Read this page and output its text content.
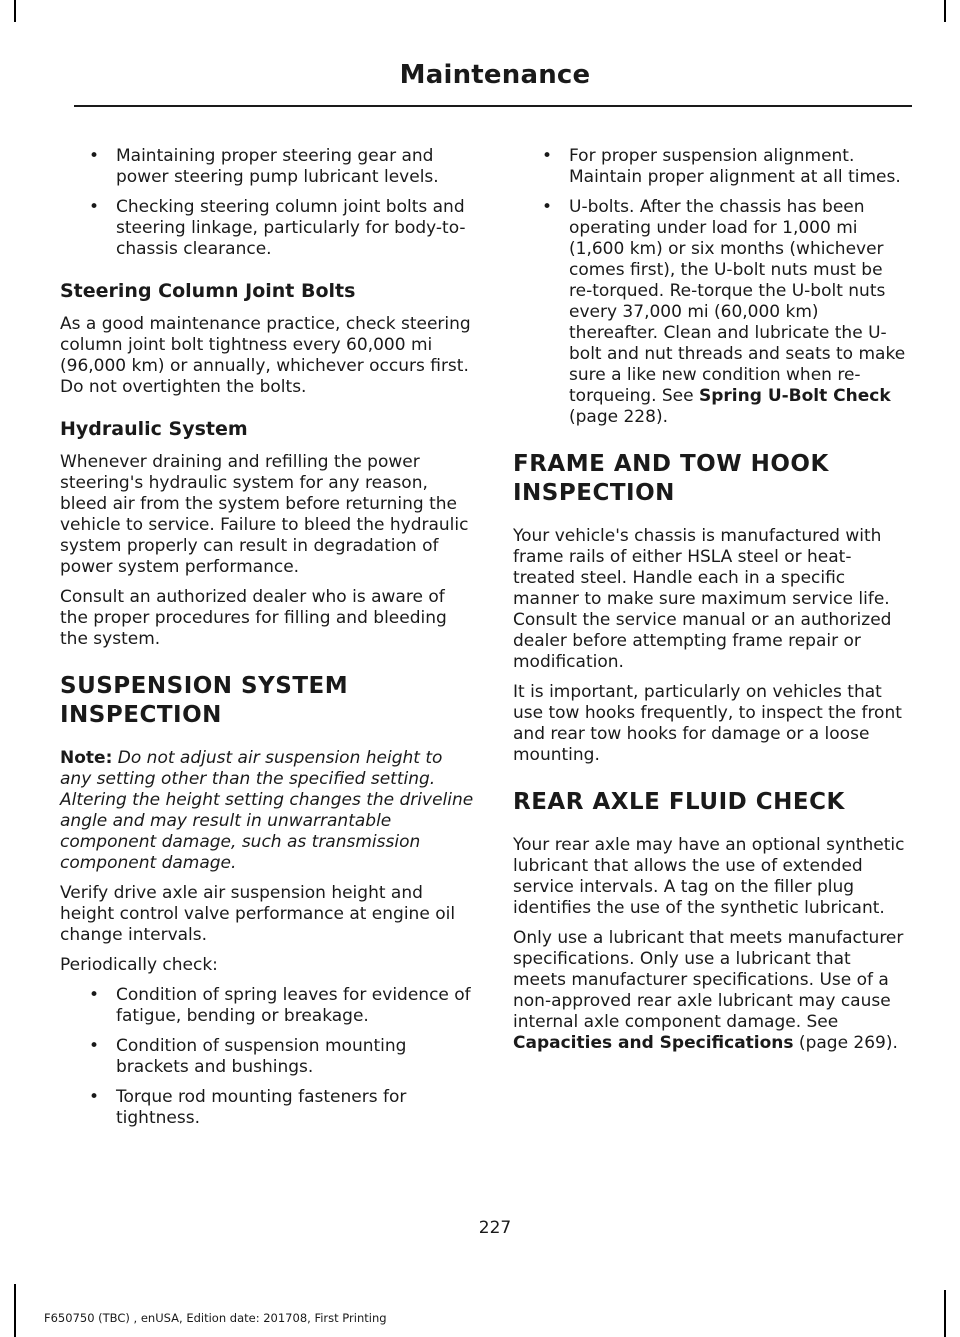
Maintenance
• Maintaining proper steering gear and power steering pump lubricant levels.
• Checking steering column joint bolts and steering linkage, particularly for body-to-chassis clearance.
Steering Column Joint Bolts

As a good maintenance practice, check steering column joint bolt tightness every 60,000 mi (96,000 km) or annually, whichever occurs first. Do not overtighten the bolts.

Hydraulic System

Whenever draining and refilling the power steering's hydraulic system for any reason, bleed air from the system before returning the vehicle to service. Failure to bleed the hydraulic system properly can result in degradation of power system performance.

Consult an authorized dealer who is aware of the proper procedures for filling and bleeding the system.

SUSPENSION SYSTEM
INSPECTION

Note: Do not adjust air suspension height to any setting other than the specified setting. Altering the height setting changes the driveline angle and may result in unwarrantable component damage, such as transmission component damage.

Verify drive axle air suspension height and height control valve performance at engine oil change intervals.

Periodically check:

• Condition of spring leaves for evidence of fatigue, bending or breakage.
• Condition of suspension mounting brackets and bushings.
• Torque rod mounting fasteners for tightness.
• For proper suspension alignment. Maintain proper alignment at all times.
• U-bolts. After the chassis has been operating under load for 1,000 mi (1,600 km) or six months (whichever comes first), the U-bolt nuts must be re-torqued. Re-torque the U-bolt nuts every 37,000 mi (60,000 km) thereafter. Clean and lubricate the U-bolt and nut threads and seats to make sure a like new condition when re-torqueing. See Spring U-Bolt Check (page 228).
FRAME AND TOW HOOK
INSPECTION

Your vehicle's chassis is manufactured with frame rails of either HSLA steel or heat-treated steel. Handle each in a specific manner to make sure maximum service life. Consult the service manual or an authorized dealer before attempting frame repair or modification.

It is important, particularly on vehicles that use tow hooks frequently, to inspect the front and rear tow hooks for damage or a loose mounting.

REAR AXLE FLUID CHECK

Your rear axle may have an optional synthetic lubricant that allows the use of extended service intervals. A tag on the filler plug identifies the use of the synthetic lubricant.

Only use a lubricant that meets manufacturer specifications. Only use a lubricant that meets manufacturer specifications. Use of a non-approved rear axle lubricant may cause internal axle component damage. See Capacities and Specifications (page 269).

227
F650750 (TBC) , enUSA, Edition date: 201708, First Printing
